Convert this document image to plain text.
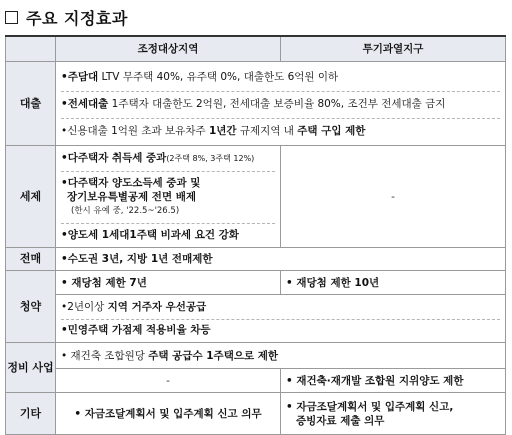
주요 지정효과
	조정대상지역	투기과열지구
대출	•주담대 LTV 무주택 40%, 유주택 0%, 대출한도 6억원 이하
•전세대출 1주택자 대출한도 2억원, 전세대출 보증비율 80%, 조건부 전세대출 금지
•신용대출 1억원 초과 보유차주 1년간 규제지역 내 주택 구입 제한	

세제	•다주택자 취득세 중과(2주택 8%, 3주택 12%)
•다주택자 양도소득세 중과 및
장기보유특별공제 전면 배제
(한시 유예 중, '22.5~'26.5)
•양도세 1세대1주택 비과세 요건 강화	-
전매	•수도권 3년, 지방 1년 전매제한	
청약	• 재당첨 제한 7년	• 재당첨 제한 10년

	•2년이상 지역 거주자 우선공급
•민영주택 가점제 적용비율 차등	

정비 사업	• 재건축 조합원당 주택 공급수 1주택으로 제한	
	-	• 재건축·재개발 조합원 지위양도 제한
기타	• 자금조달계획서 및 입주계획 신고 의무	• 자금조달계획서 및 입주계획 신고,
증빙자료 제출 의무
